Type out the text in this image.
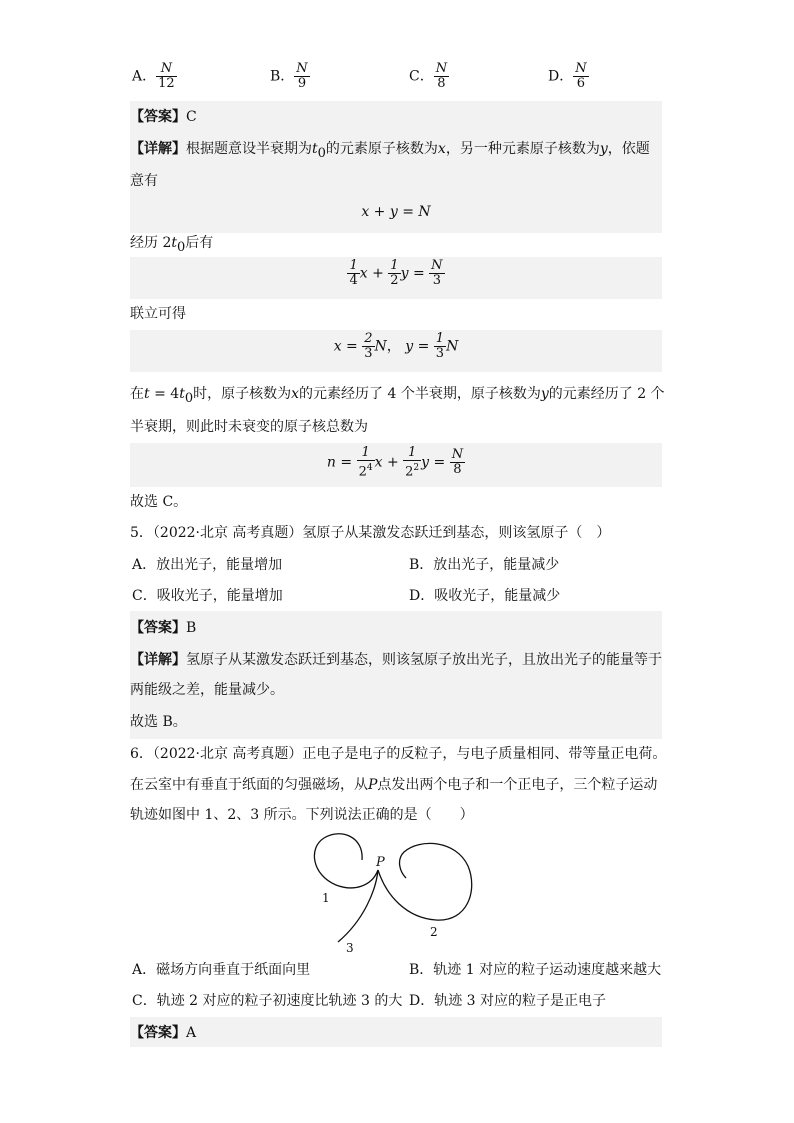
A． $\frac{N}{12}$	B． $\frac{N}{9}$	C． $\frac{N}{8}$	D． $\frac{N}{6}$
【答案】C
【详解】根据题意设半衰期为$t_0$的元素原子核数为x，另一种元素原子核数为y，依题
意有
x + y = N
经历 $2t_0$后有
$\frac{1}{4}$ $x + \frac{1}{2}$ $y = \frac{N}{3}$
联立可得
$x = \frac{2}{3}$ N， $y = \frac{1}{3}$ N
在$t = 4t_0$时，原子核数为x的元素经历了 4 个半衰期，原子核数为y的元素经历了 2 个
半衰期，则此时未衰变的原子核总数为
$n = \frac{1}{2^4}$ $x + \frac{1}{2^2}$ $y = \frac{N}{8}$
故选 C。
5．（2022·北京 高考真题）氢原子从某激发态跃迁到基态，则该氢原子（　）
A．放出光子，能量增加	B．放出光子，能量减少
C．吸收光子，能量增加	D．吸收光子，能量减少
【答案】B
【详解】氢原子从某激发态跃迁到基态，则该氢原子放出光子，且放出光子的能量等于
两能级之差，能量减少。
故选 B。
6．（2022·北京 高考真题）正电子是电子的反粒子，与电子质量相同、带等量正电荷。
在云室中有垂直于纸面的匀强磁场，从P点发出两个电子和一个正电子，三个粒子运动
轨迹如图中 1、2、3 所示。下列说法正确的是（　　）
P
1
2
3
A．磁场方向垂直于纸面向里	B．轨迹 1 对应的粒子运动速度越来越大
C．轨迹 2 对应的粒子初速度比轨迹 3 的大 D．轨迹 3 对应的粒子是正电子
【答案】A
